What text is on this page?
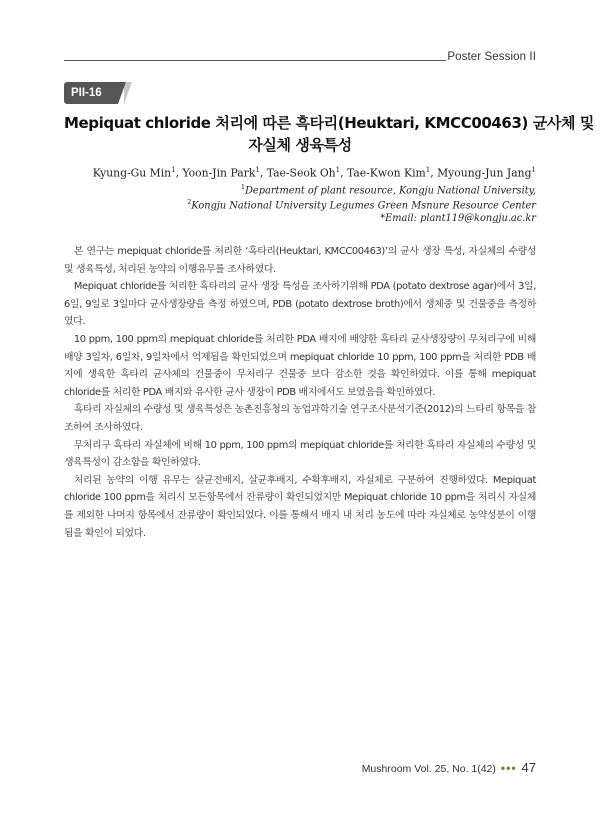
Poster Session II
PII-16
Mepiquat chloride 처리에 따른 흑타리(Heuktari, KMCC00463) 균사체 및
자실체 생육특성
Kyung-Gu Min$^1$, Yoon-Jin Park$^1$, Tae-Seok Oh$^1$, Tae-Kwon Kim$^1$, Myoung-Jun Jang$^1$
$^1$Department of plant resource, Kongju National University,
$^2$Kongju National University Legumes Green Msnure Resource Center
*Email: plant119@kongju.ac.kr

본 연구는 mepiquat chloride를 처리한 ‘흑타리(Heuktari, KMCC00463)’의 균사 생장 특성, 자실체의 수량성 및 생육특성, 처리된 농약의 이행유무를 조사하였다.

Mepiquat chloride를 처리한 흑타리의 균사 생장 특성을 조사하기위해 PDA (potato dextrose agar)에서 3일, 6일, 9일로 3일마다 균사생장량을 측정 하였으며, PDB (potato dextrose broth)에서 생체중 및 건물중을 측정하였다.

10 ppm, 100 ppm의 mepiquat chloride를 처리한 PDA 배지에 배양한 흑타리 균사생장량이 무처리구에 비해 배양 3일차, 6일차, 9일차에서 억제됨을 확인되었으며 mepiquat chloride 10 ppm, 100 ppm을 처리한 PDB 배지에 생육한 흑타리 균사체의 건물중이 무처리구 건물중 보다 감소한 것을 확인하였다. 이를 통해 mepiquat chloride를 처리한 PDA 배지와 유사한 균사 생장이 PDB 배지에서도 보였음을 확인하였다.

흑타리 자실체의 수량성 및 생육특성은 농촌진흥청의 농업과학기술 연구조사분석기준(2012)의 느타리 항목을 참조하여 조사하였다.

무처리구 흑타리 자실체에 비해 10 ppm, 100 ppm의 mepiquat chloride를 처리한 흑타리 자실체의 수량성 및 생육특성이 감소함을 확인하였다.

처리된 농약의 이행 유무는 살균전배지, 살균후배지, 수확후배지, 자실체로 구분하여 진행하였다. Mepiquat chloride 100 ppm을 처리시 모든항목에서 잔류량이 확인되었지만 Mepiquat chloride 10 ppm을 처리시 자실체를 제외한 나머지 항목에서 잔류량이 확인되었다. 이를 통해서 배지 내 처리 농도에 따라 자실체로 농약성분이 이행됨을 확인이 되었다.

Mushroom Vol. 25, No. 1(42) ••• 47
